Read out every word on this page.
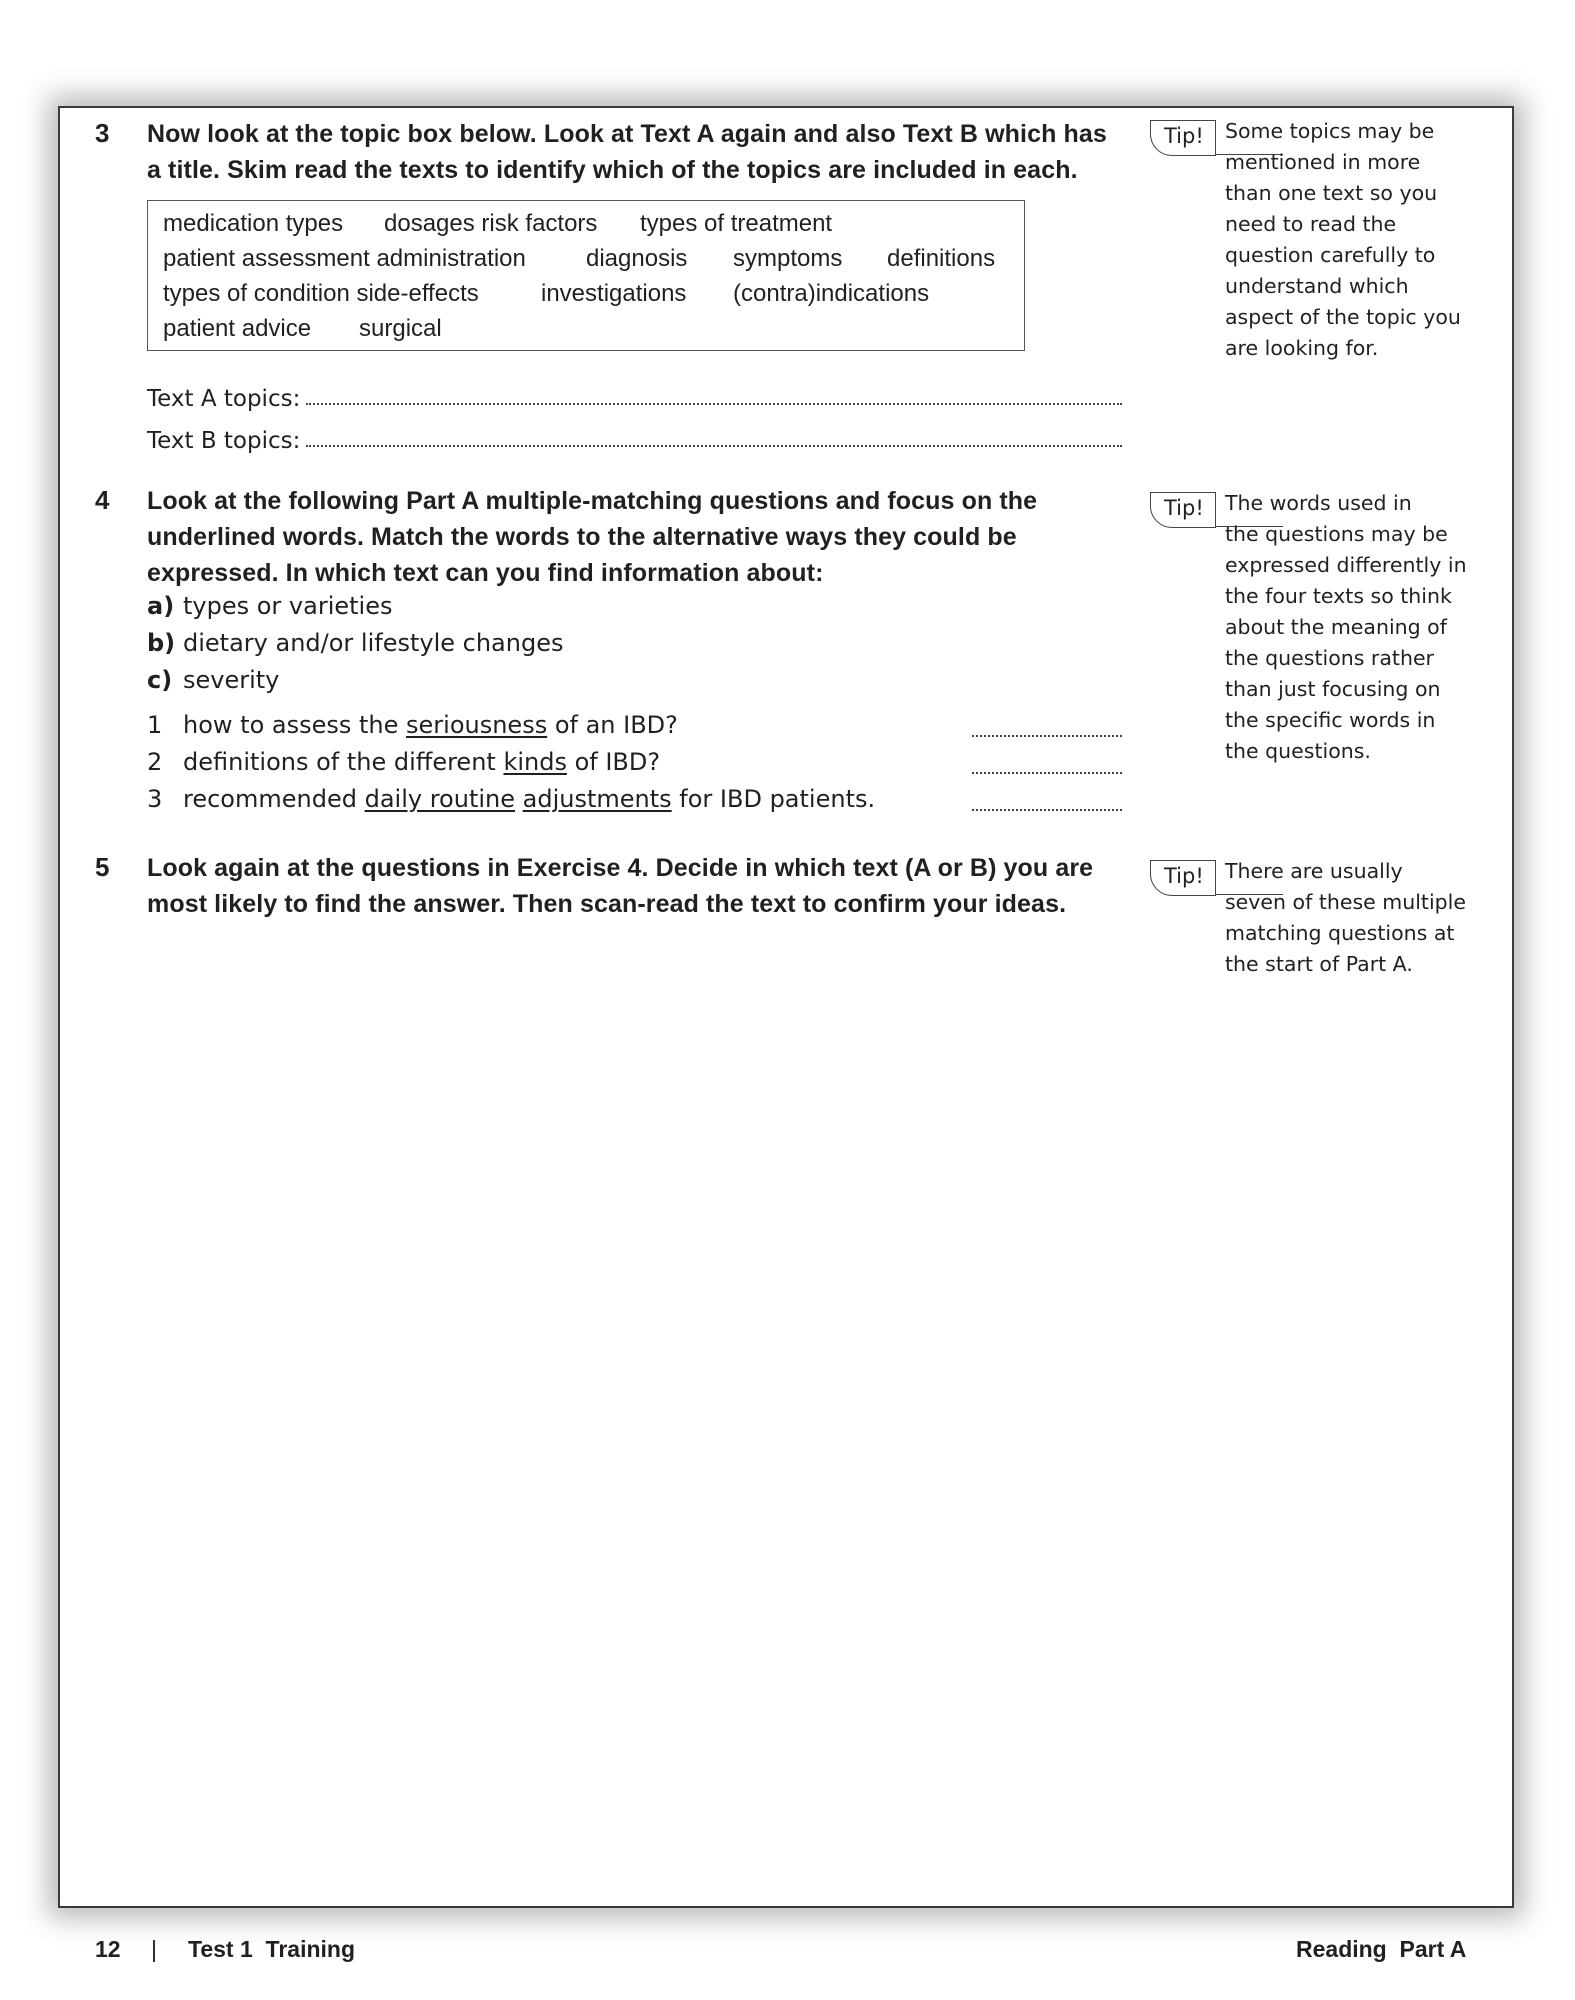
3 Now look at the topic box below. Look at Text A again and also Text B which has
a title. Skim read the texts to identify which of the topics are included in each.
medication types dosages risk factors types of treatment
patient assessment administration	diagnosis symptoms definitions
types of condition side-effects	investigations (contra)indications
patient advice surgical
Text A topics:
Text B topics:
4 Look at the following Part A multiple-matching questions and focus on the
underlined words. Match the words to the alternative ways they could be
expressed. In which text can you find information about:
a) types or varieties
b) dietary and/or lifestyle changes
c) severity
1 how to assess the seriousness of an IBD?
2 definitions of the different kinds of IBD?
3 recommended daily routine adjustments for IBD patients.
5 Look again at the questions in Exercise 4. Decide in which text (A or B) you are
most likely to find the answer. Then scan-read the text to confirm your ideas.
Tip! Some topics may be
mentioned in more
than one text so you
need to read the
question carefully to
understand which
aspect of the topic you
are looking for.
Tip! The words used in
the questions may be
expressed differently in
the four texts so think
about the meaning of
the questions rather
than just focusing on
the specific words in
the questions.
Tip! There are usually
seven of these multiple
matching questions at
the start of Part A.
12 | Test 1  Training	Reading  Part A
